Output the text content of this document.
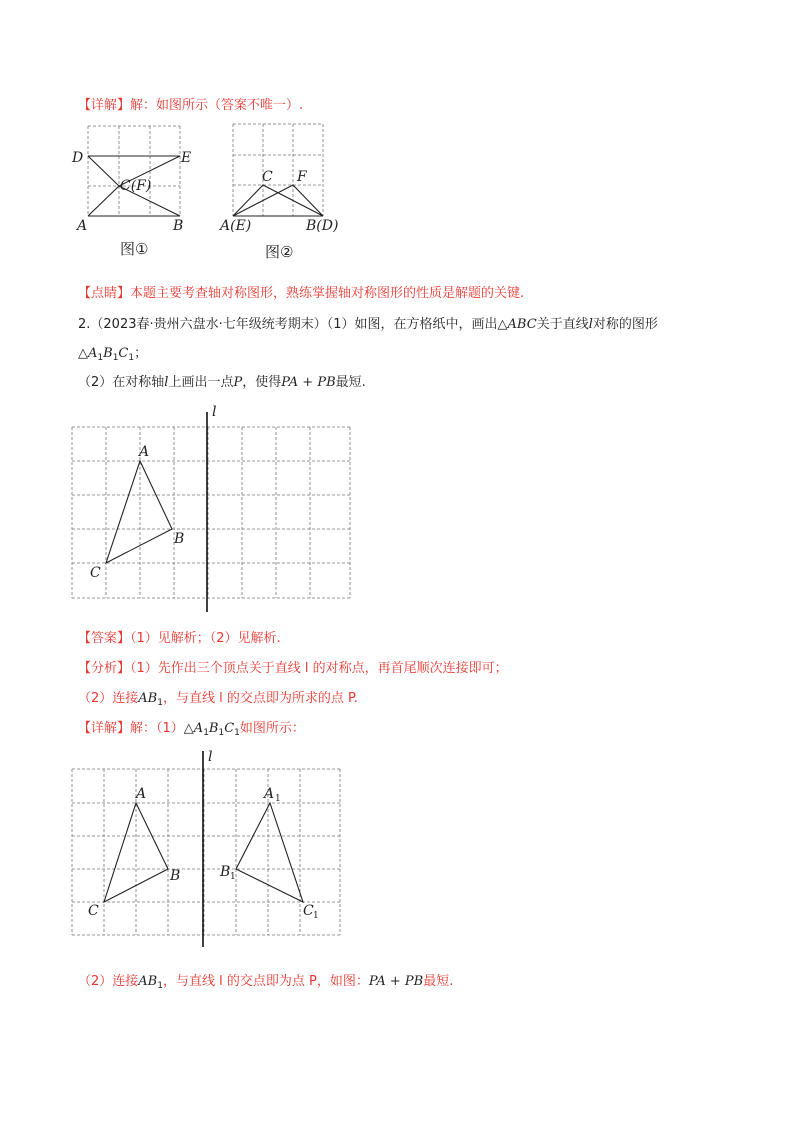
【详解】解：如图所示（答案不唯一）.
D	E
C(F)
A	B
图①
C F
A(E)	B(D)
图②
【点睛】本题主要考查轴对称图形，熟练掌握轴对称图形的性质是解题的关键.
2.（2023春·贵州六盘水·七年级统考期末）（1）如图，在方格纸中，画出△ABC关于直线l对称的图形
$\triangle A_1B_1C_1$；
（2）在对称轴l上画出一点P，使得PA + PB最短.
l
A
B
C
【答案】（1）见解析；（2）见解析.
【分析】（1）先作出三个顶点关于直线 l 的对称点，再首尾顺次连接即可；
（2）连接$AB_1$，与直线 l 的交点即为所求的点 P.
【详解】解：$(1)\triangle A_1B_1C_1$如图所示：
l
A
B
C
A 1
B 1
C 1
（2）连接$AB_1$，与直线 l 的交点即为点 P，如图：PA + PB最短.
